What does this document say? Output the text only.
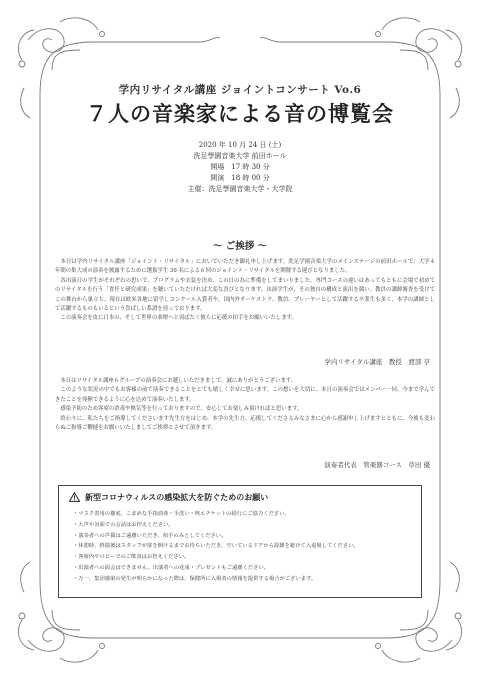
学内リサイタル講座 ジョイントコンサート Vo.6
７人の音楽家による音の博覧会
2020 年 10 月 24 日 (土)
洗足學園音楽大学 前田ホール
開場　17 時 30 分
開演　18 時 00 分
主催：洗足學園音楽大学・大学院
～ ご挨拶 ～

本日は学内リサイタル講座「ジョイント・リサイタル」においでいただき御礼申し上げます。洗足学園音楽大学のメインステージの前田ホールで、大学４年間の集大成の演奏を披露するために選抜学生 39 名による６回のジョイント・リサイタルを開催する運びとなりました。

各出演日の学生がそれぞれの思いで、プログラムや衣装を決め、この日の為に準備をしてまいりました。専門コースの違いはあってもともに会場で初めてのリサイタルを行う「責任と研究成果」を聴いていただければ大変な喜びとなります。出演学生が、その独自の構成と演出を競い、教員の講師審査を受けてこの舞台から巣立ち、現在は欧米各地に留学しコンクール入賞者や、国内外オーケストラ、教員、プレーヤーとして活躍する卒業生も多く、本学の講師として活躍するものもいるという喜ばしい系譜を持っております。

この演奏会を皮に日本の、そして世界の楽壇へと羽ばたく彼らに応援の拍手をお願いいたします。

学内リサイタル講座　教授　渡部 亨

本日はリサイタル講座６グループの演奏会にお越しいただきまして、誠にありがとうございます。

このような状況の中でもお客様の前で演奏できることをとても嬉しく幸せに思います。この想いを大切に、本日の演奏会ではメンバー一同、今まで学んできたことを発揮できるように心を込めて演奏いたします。

感染予防のため客席の消毒や換気等を行っておりますので、安心してお楽しみ頂ければと思います。

終わりに、私たちをご指導してくださいます先生方をはじめ、本学の先生方、応援してくださるみなさまに心から感謝申し上げますとともに、今後も変わらぬご指導ご鞭撻をお願いいたしましてご挨拶とさせて頂きます。

演奏者代表　管楽器コース　草田 優
新型コロナウィルスの感染拡大を防ぐためのお願い
・マスク着用の徹底、こまめな手指消毒・手洗い・咳エチケットの励行にご協力ください。
・大声や対面での会話はお控えください。
・演奏者への声援はご遠慮いただき、拍手のみとしてください。
・休憩時、終演後はスタッフが扉を開けるまでお待ちいただき、空いているドアから混雑を避けて入退場してください。
・客席内やロビーでのご飲食はお控えください。
・出演者への面会はできません。出演者への花束・プレゼントもご遠慮ください。
・万一、集団感染の発生が明らかになった際は、保健所に入場者の情報を提供する場合がございます。
